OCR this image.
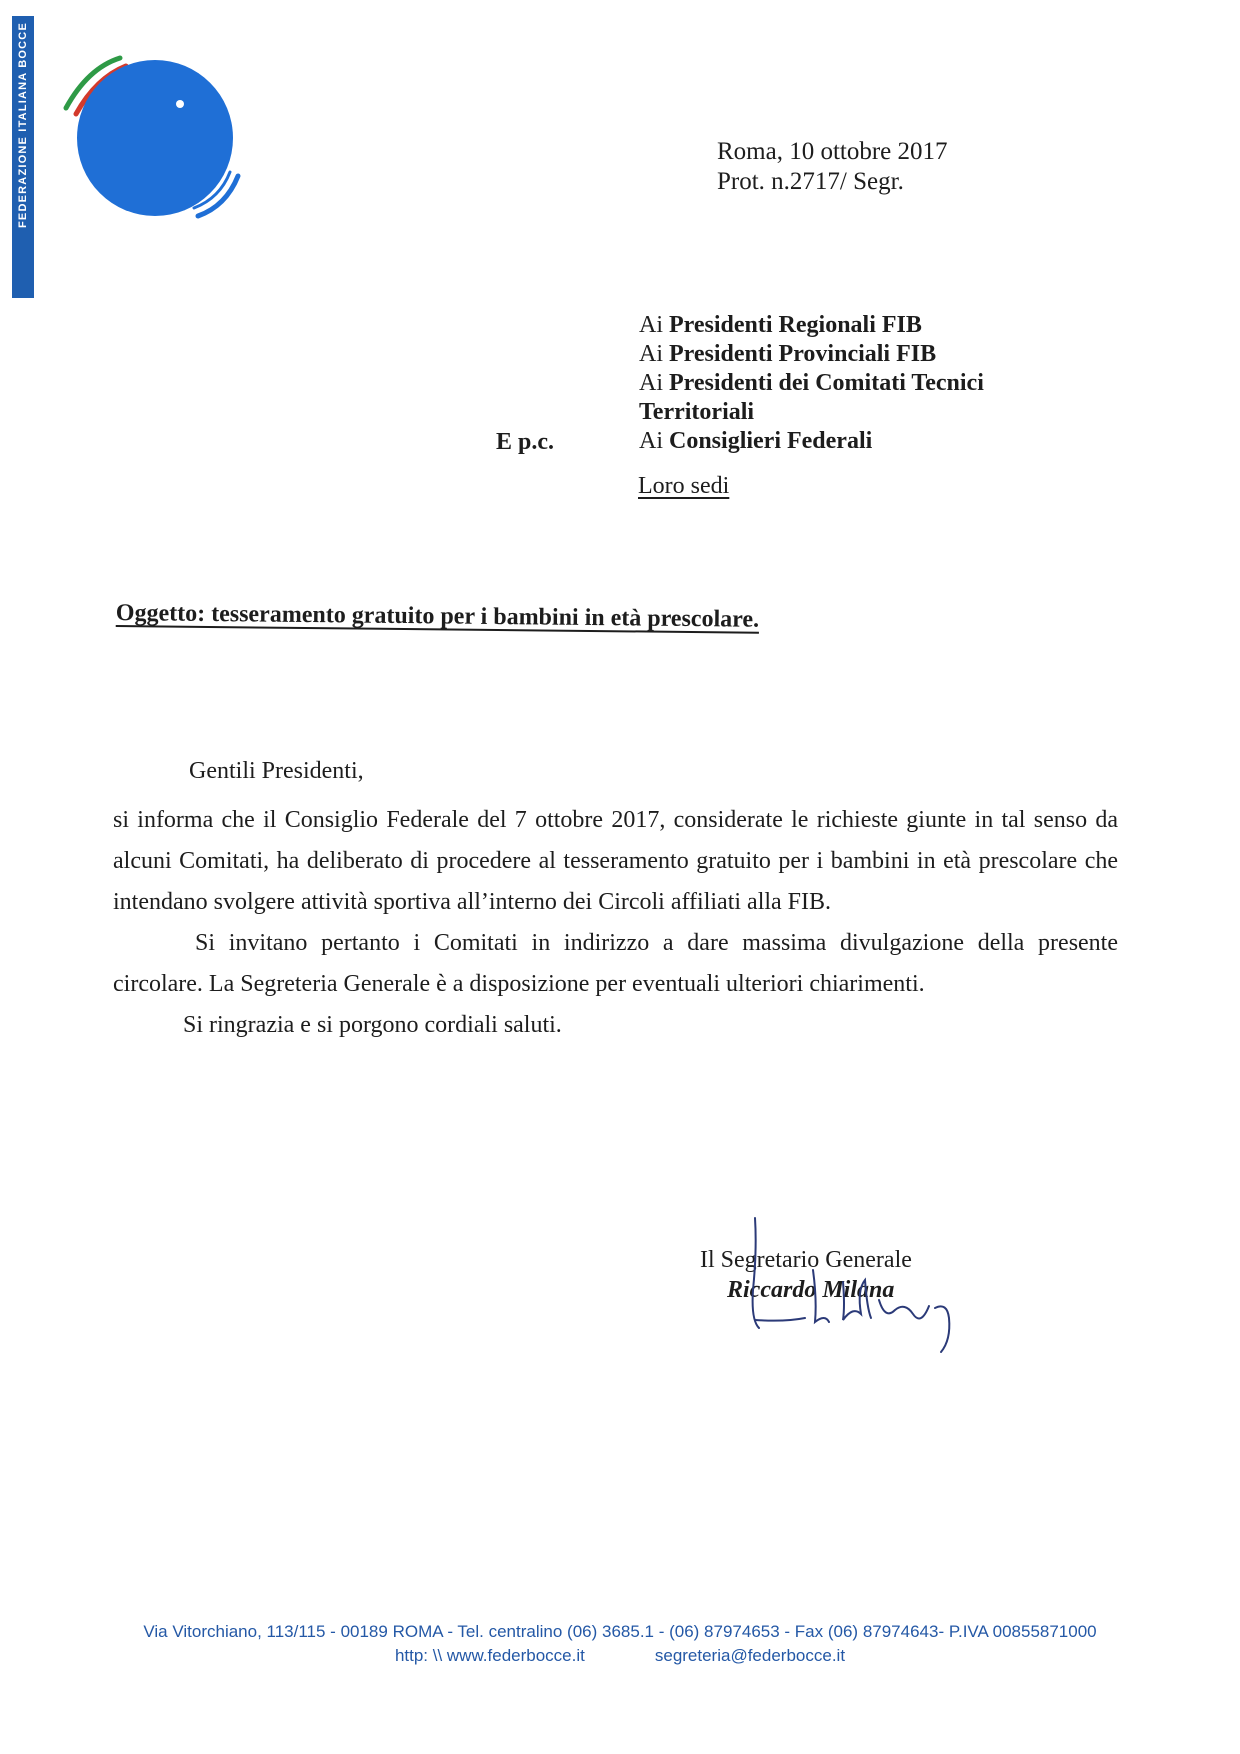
FEDERAZIONE ITALIANA BOCCE	Roma, 10 ottobre 2017
Prot. n.2717/ Segr.
Ai Presidenti Regionali FIB
Ai Presidenti Provinciali FIB
Ai Presidenti dei Comitati Tecnici
Territoriali
Ai Consiglieri Federali
E p.c.
Loro sedi
Oggetto: tesseramento gratuito per i bambini in età prescolare.
Gentili Presidenti,

si informa che il Consiglio Federale del 7 ottobre 2017, considerate le richieste giunte in tal senso da alcuni Comitati, ha deliberato di procedere al tesseramento gratuito per i bambini in età prescolare che intendano svolgere attività sportiva all’interno dei Circoli affiliati alla FIB.

Si invitano pertanto i Comitati in indirizzo a dare massima divulgazione della presente circolare. La Segreteria Generale è a disposizione per eventuali ulteriori chiarimenti.

Si ringrazia e si porgono cordiali saluti.

Il Segretario Generale
Riccardo Milana
Via Vitorchiano, 113/115 - 00189 ROMA - Tel. centralino (06) 3685.1 - (06) 87974653 - Fax (06) 87974643- P.IVA 00855871000
http: \\ www.federbocce.it	segreteria@federbocce.it
